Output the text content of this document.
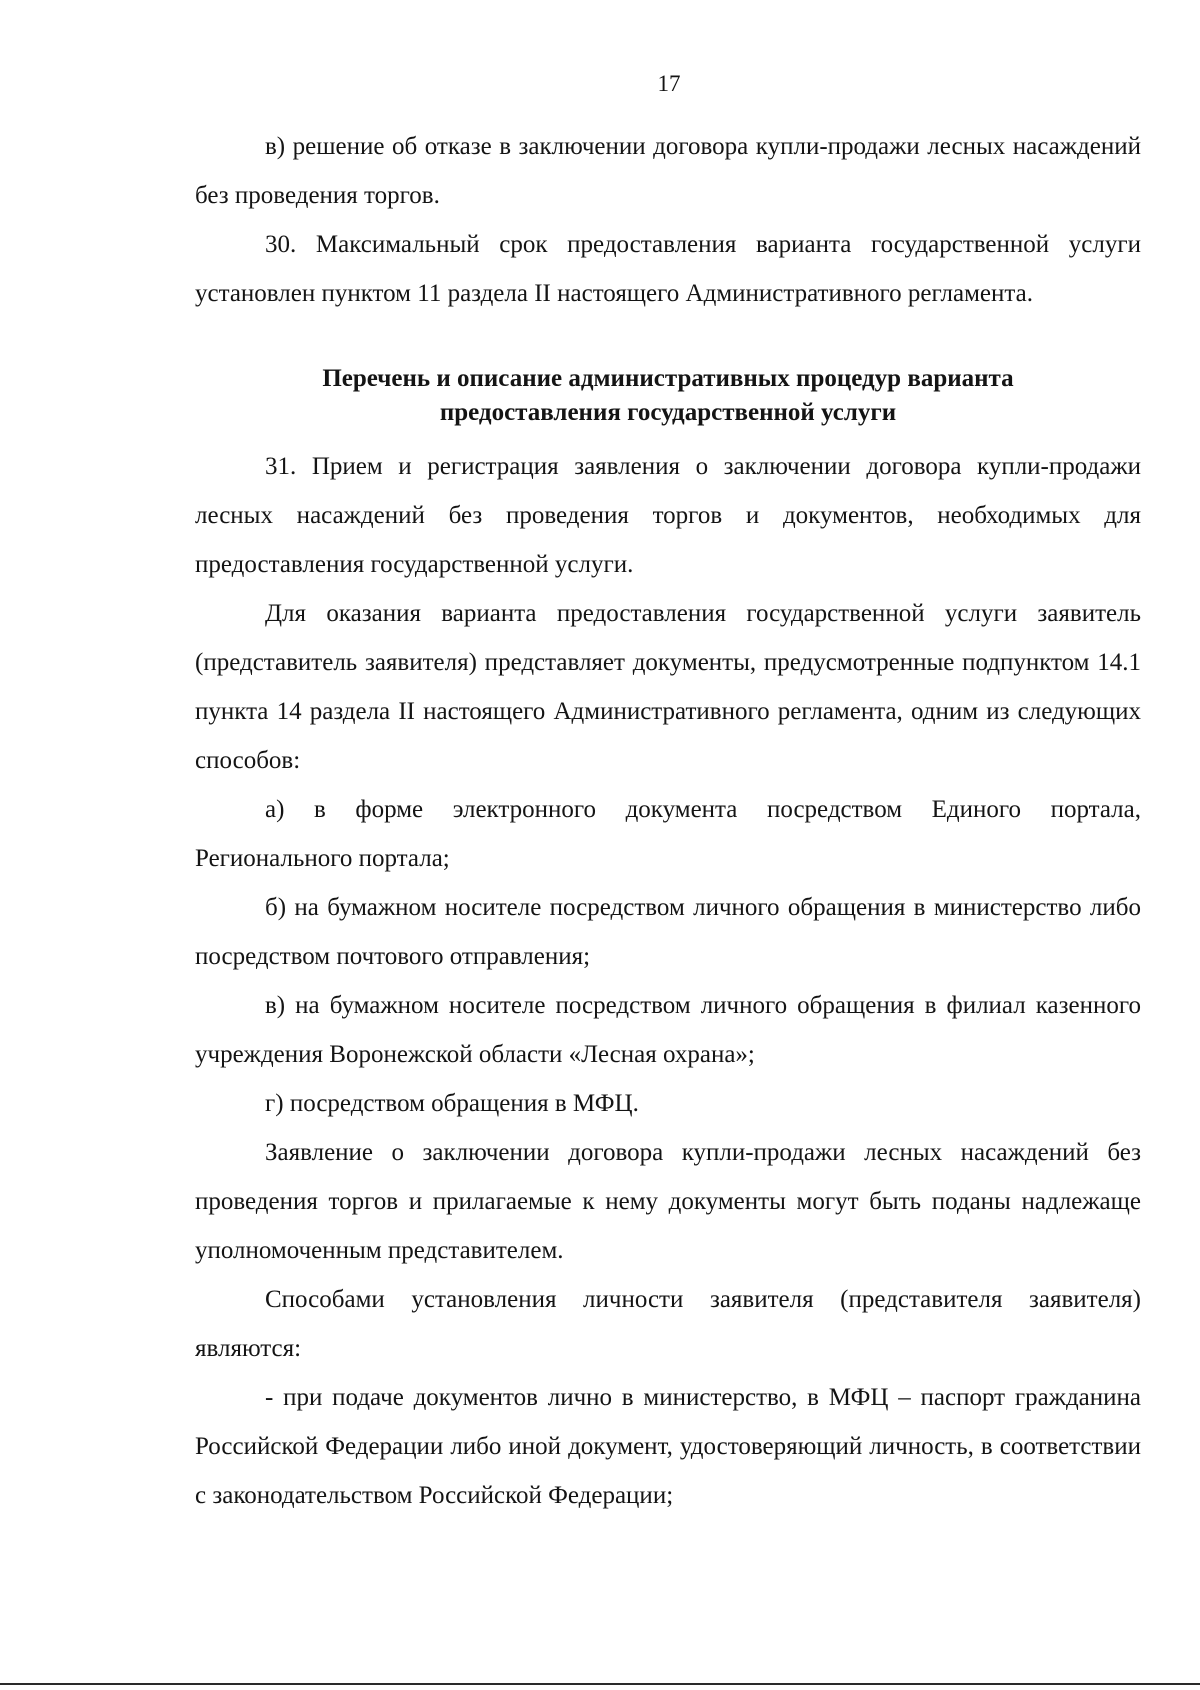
17

в) решение об отказе в заключении договора купли-продажи лесных насаждений без проведения торгов.

30. Максимальный срок предоставления варианта государственной услуги установлен пунктом 11 раздела II настоящего Административного регламента.

Перечень и описание административных процедур варианта
предоставления государственной услуги

31. Прием и регистрация заявления о заключении договора купли-продажи лесных насаждений без проведения торгов и документов, необходимых для предоставления государственной услуги.

Для оказания варианта предоставления государственной услуги заявитель (представитель заявителя) представляет документы, предусмотренные подпунктом 14.1 пункта 14 раздела II настоящего Административного регламента, одним из следующих способов:

а) в форме электронного документа посредством Единого портала, Регионального портала;

б) на бумажном носителе посредством личного обращения в министерство либо посредством почтового отправления;

в) на бумажном носителе посредством личного обращения в филиал казенного учреждения Воронежской области «Лесная охрана»;

г) посредством обращения в МФЦ.

Заявление о заключении договора купли-продажи лесных насаждений без проведения торгов и прилагаемые к нему документы могут быть поданы надлежаще уполномоченным представителем.

Способами установления личности заявителя (представителя заявителя) являются:

- при подаче документов лично в министерство, в МФЦ – паспорт гражданина Российской Федерации либо иной документ, удостоверяющий личность, в соответствии с законодательством Российской Федерации;
